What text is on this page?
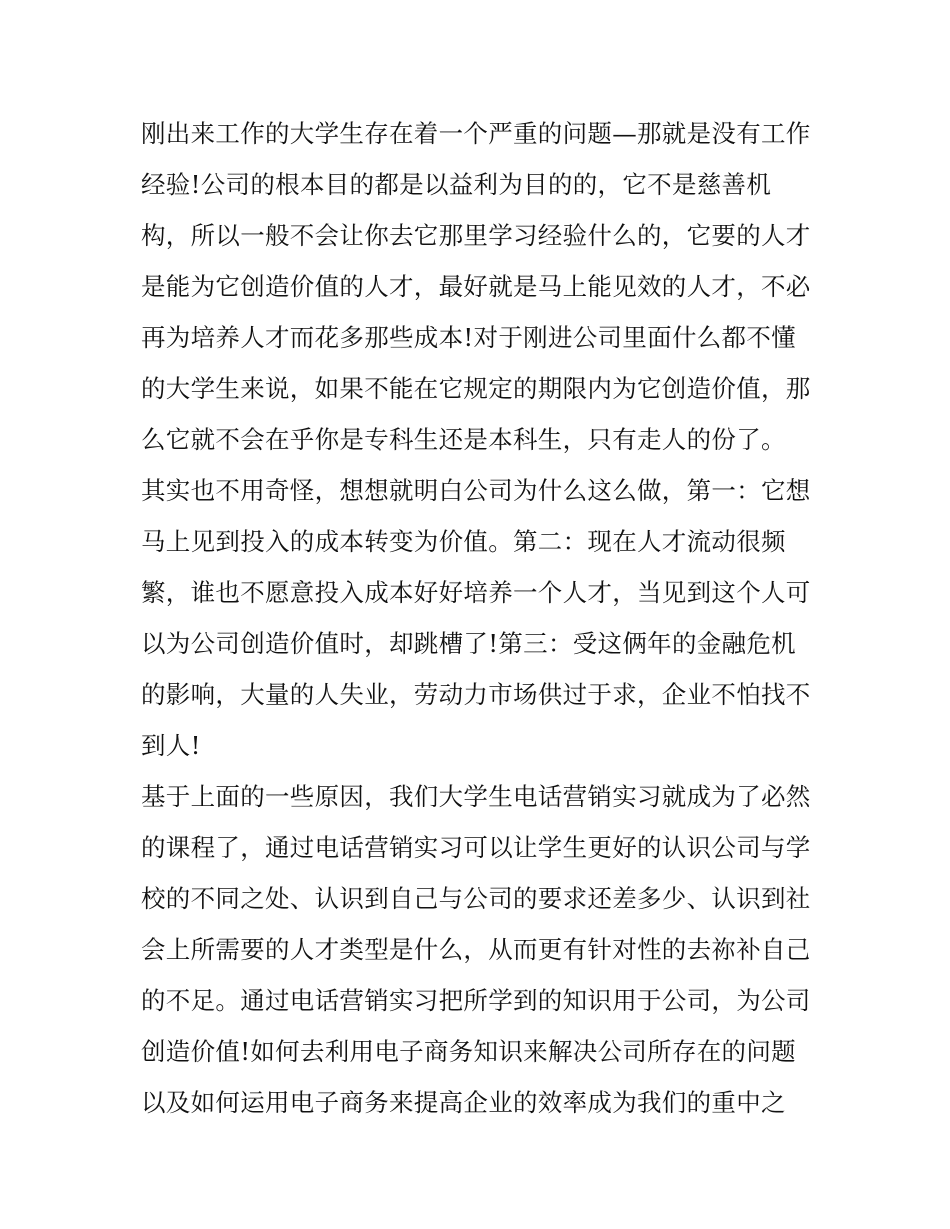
刚出来工作的大学生存在着一个严重的问题—那就是没有工作
经验!公司的根本目的都是以益利为目的的，它不是慈善机
构，所以一般不会让你去它那里学习经验什么的，它要的人才
是能为它创造价值的人才，最好就是马上能见效的人才，不必
再为培养人才而花多那些成本!对于刚进公司里面什么都不懂
的大学生来说，如果不能在它规定的期限内为它创造价值，那
么它就不会在乎你是专科生还是本科生，只有走人的份了。
其实也不用奇怪，想想就明白公司为什么这么做，第一：它想
马上见到投入的成本转变为价值。第二：现在人才流动很频
繁，谁也不愿意投入成本好好培养一个人才，当见到这个人可
以为公司创造价值时，却跳槽了!第三：受这俩年的金融危机
的影响，大量的人失业，劳动力市场供过于求，企业不怕找不
到人!
基于上面的一些原因，我们大学生电话营销实习就成为了必然
的课程了，通过电话营销实习可以让学生更好的认识公司与学
校的不同之处、认识到自己与公司的要求还差多少、认识到社
会上所需要的人才类型是什么，从而更有针对性的去祢补自己
的不足。通过电话营销实习把所学到的知识用于公司，为公司
创造价值!如何去利用电子商务知识来解决公司所存在的问题
以及如何运用电子商务来提高企业的效率成为我们的重中之
